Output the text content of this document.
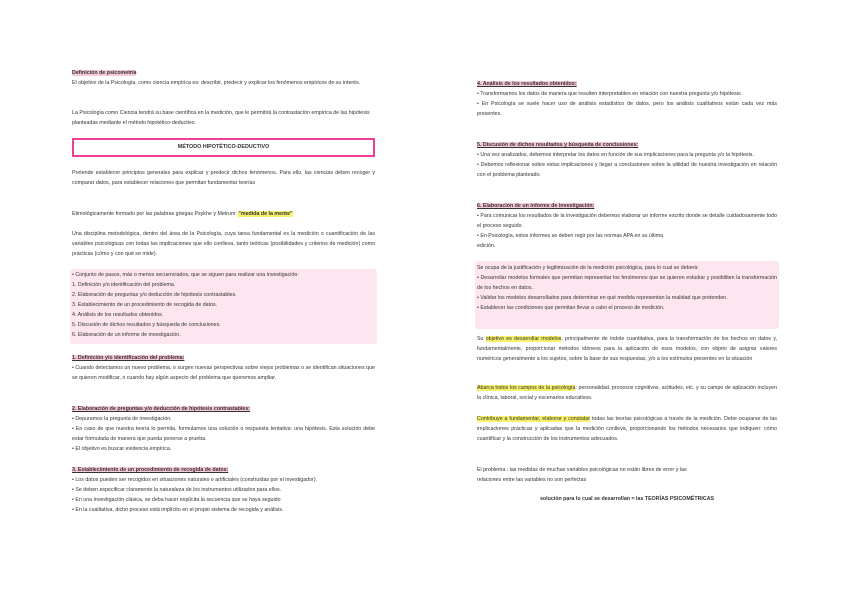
Definición de psicometría

El objetivo de la Psicología, como ciencia empírica es: describir, predecir y explicar los fenómenos empíricos de su interés.

La Psicología como Ciencia tendrá su base científica en la medición, que le permitirá la contrastación empírica de las hipótesis planteadas mediante el método hipotético-deductivo.

MÉTODO HIPOTÉTICO-DEDUCTIVO

Pretende establecer principios generales para explicar y predecir dichos fenómenos. Para ello, las ciencias deben recoger y comparar datos, para establecer relaciones que permitan fundamentar teorías

Etimológicamente formado por las palabras griegas Psykhe y Metrum: "medida de la mente"

Una disciplina metodológica, dentro del área de la Psicología, cuya tarea fundamental es la medición o cuantificación de las variables psicológicas con todas las implicaciones que ello conlleva, tanto teóricas (posibilidades y criterios de medición) como prácticas (cómo y con qué se mide).

• Conjunto de pasos, más o menos secuenciados, que se siguen para realizar una investigación:

1. Definición y/o identificación del problema.
2. Elaboración de preguntas y/o deducción de hipótesis contrastables.
3. Establecimiento de un procedimiento de recogida de datos.
4. Análisis de los resultados obtenidos.
5. Discusión de dichos resultados y búsqueda de conclusiones.
6. Elaboración de un informe de investigación.

1. Definición y/o identificación del problema:

• Cuando detectamos un nuevo problema, o surgen nuevas perspectivas sobre viejos problemas o se identifican situaciones que se quieren modificar, o cuando hay algún aspecto del problema que queremos ampliar.

2. Elaboración de preguntas y/o deducción de hipótesis contrastables:

• Depuramos la pregunta de investigación.
• En caso de que nuestra teoría lo permita, formulamos una solución o respuesta tentativa: una hipótesis. Esta solución debe estar formulada de manera que pueda ponerse a prueba.
• El objetivo es buscar evidencia empírica.

3. Establecimiento de un procedimiento de recogida de datos:

• Los datos pueden ser recogidos en situaciones naturales o artificiales (construidas por el investigador).
• Se deben especificar claramente la naturaleza de los instrumentos utilizados para ellos.
• En una investigación clásica, se deba hacer explícita la secuencia que se haya seguido
• En la cualitativa, dicho proceso está implícito en el propio sistema de recogida y análisis.

4. Análisis de los resultados obtenidos:

• Transformamos los datos de manera que resulten interpretables en relación con nuestra pregunta y/o hipótesis.
• En Psicología se suele hacer uso de análisis estadístico de datos, pero los análisis cualitativos están cada vez más presentes.

5. Discusión de dichos resultados y búsqueda de conclusiones:

• Una vez analizados, debemos interpretar los datos en función de sus implicaciones para la pregunta y/o la hipótesis.
• Debemos reflexionar sobre estas implicaciones y llegar a conclusiones sobre la utilidad de nuestra investigación en relación con el problema planteado.

6. Elaboración de un informe de investigación:

• Para comunicar los resultados de la investigación debemos elaborar un informe escrito donde se detalle cuidadosamente todo el proceso seguido.
• En Psicología, estos informes se deben regir por las normas APA en su última
edición.

Se ocupa de la justificación y legitimización de la medición psicológica, para lo cual se deberá:

• Desarrollar modelos formales que permitan representar los fenómenos que se quieren estudiar y posibiliten la transformación de los hechos en datos.
• Validar los modelos desarrollados para determinar en qué medida representan la realidad que pretenden.
• Establecer las condiciones que permitan llevar a cabo el proceso de medición.

Su objetivo es desarrollar modelos, principalmente de índole cuantitativa, para la transformación de los hechos en datos y, fundamentalmente, proporcionar métodos idóneos para la aplicación de esos modelos, con objeto de asignar valores numéricos generalmente a los sujetos, sobre la base de sus respuestas, y/o a los estímulos presentes en la situación

Abarca todos los campos de la psicología: personalidad, procesos cognitivos, actitudes, etc. y su campo de aplicación incluyen la clínica, laboral, social y escenarios educativos.

Contribuye a fundamentar, elaborar y constatar todas las teorías psicológicas a través de la medición. Debe ocuparse de las implicaciones prácticas y aplicadas que la medición conlleva, proporcionando los métodos necesarios que indiquen: cómo cuantificar y la construcción de los instrumentos adecuados.

El problema : las medidas de muchas variables psicológicas no están libres de error y las
relaciones entre las variables no son perfectas

solución para lo cual se desarrollan = las TEORÍAS PSICOMÉTRICAS
